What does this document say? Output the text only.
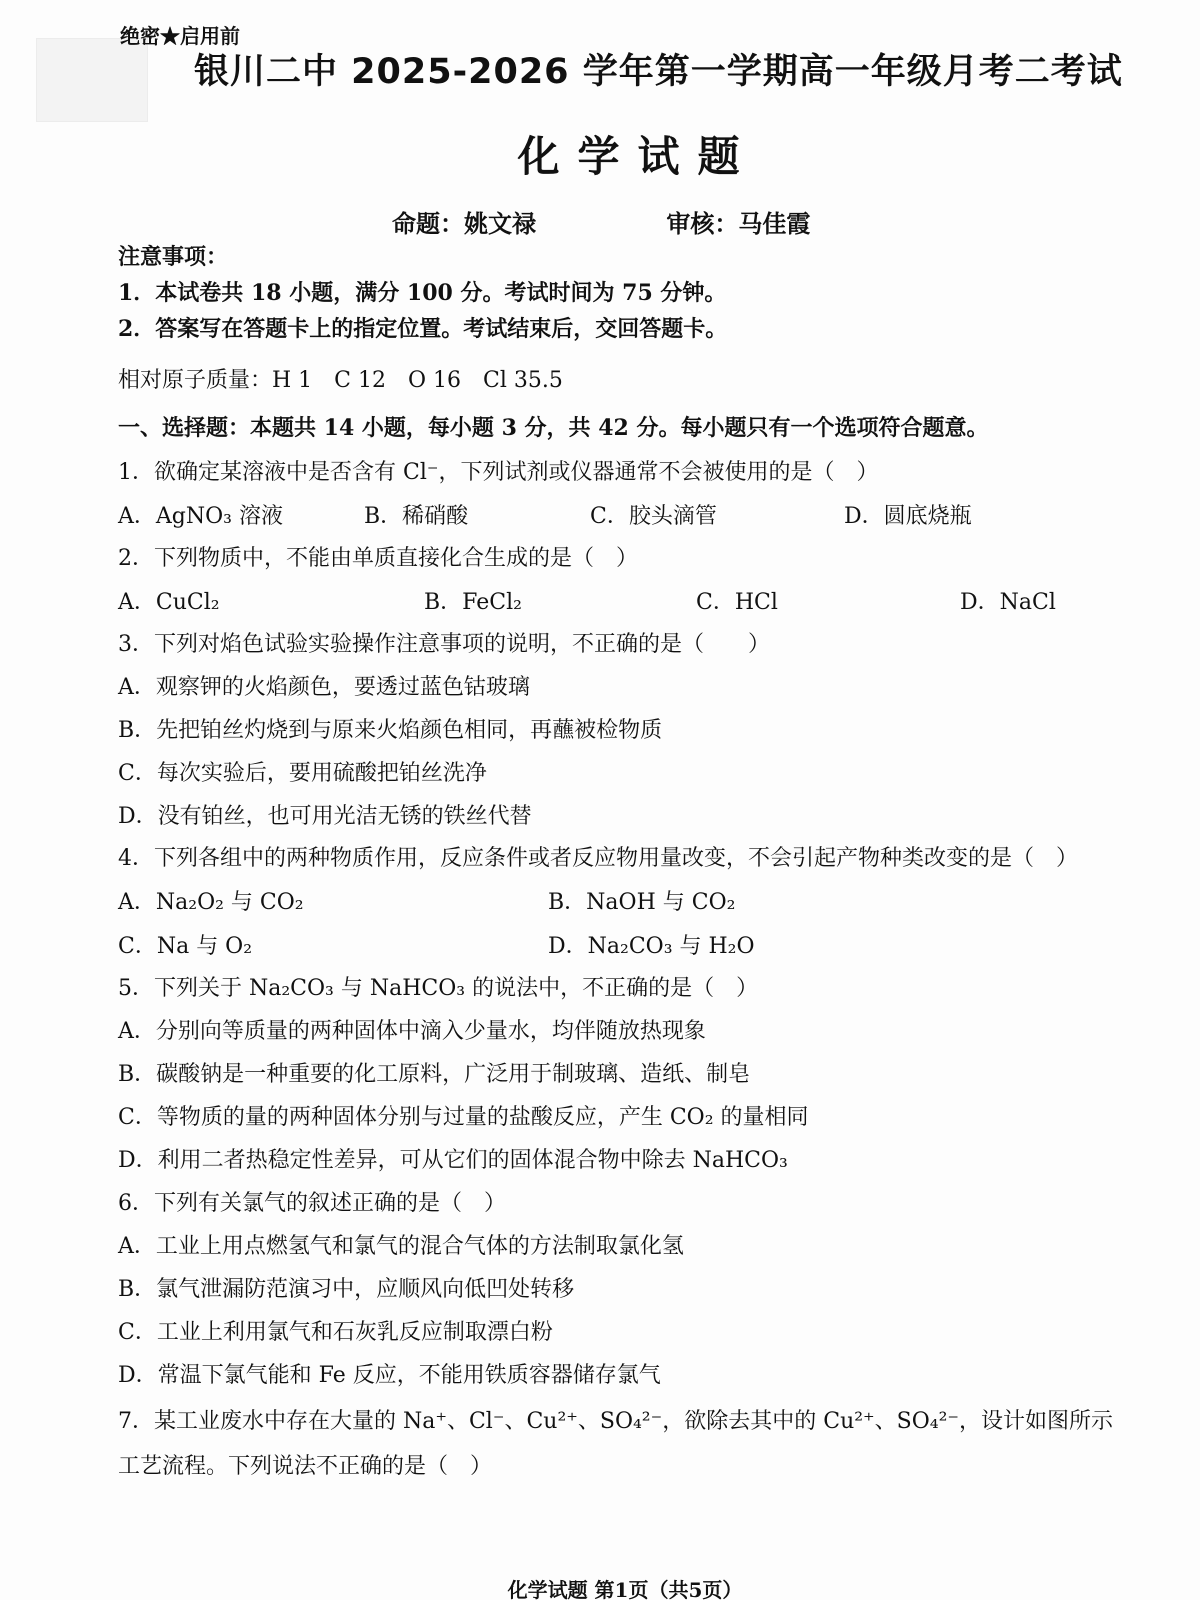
绝密★启用前
银川二中 2025-2026 学年第一学期高一年级月考二考试
化学试题
命题：姚文禄	审核：马佳霞
注意事项：
1．本试卷共 18 小题，满分 100 分。考试时间为 75 分钟。
2．答案写在答题卡上的指定位置。考试结束后，交回答题卡。
相对原子质量：H 1　C 12　O 16　Cl 35.5
一、选择题：本题共 14 小题，每小题 3 分，共 42 分。每小题只有一个选项符合题意。
1．欲确定某溶液中是否含有 Cl⁻，下列试剂或仪器通常不会被使用的是（　）
A．AgNO₃ 溶液	B．稀硝酸	C．胶头滴管	D．圆底烧瓶
2．下列物质中，不能由单质直接化合生成的是（　）
A．CuCl₂	B．FeCl₂	C．HCl	D．NaCl
3．下列对焰色试验实验操作注意事项的说明，不正确的是（　　）
A．观察钾的火焰颜色，要透过蓝色钴玻璃
B．先把铂丝灼烧到与原来火焰颜色相同，再蘸被检物质
C．每次实验后，要用硫酸把铂丝洗净
D．没有铂丝，也可用光洁无锈的铁丝代替
4．下列各组中的两种物质作用，反应条件或者反应物用量改变，不会引起产物种类改变的是（　）
A．Na₂O₂ 与 CO₂	B．NaOH 与 CO₂
C．Na 与 O₂	D．Na₂CO₃ 与 H₂O
5．下列关于 Na₂CO₃ 与 NaHCO₃ 的说法中，不正确的是（　）
A．分别向等质量的两种固体中滴入少量水，均伴随放热现象
B．碳酸钠是一种重要的化工原料，广泛用于制玻璃、造纸、制皂
C．等物质的量的两种固体分别与过量的盐酸反应，产生 CO₂ 的量相同
D．利用二者热稳定性差异，可从它们的固体混合物中除去 NaHCO₃
6．下列有关氯气的叙述正确的是（　）
A．工业上用点燃氢气和氯气的混合气体的方法制取氯化氢
B．氯气泄漏防范演习中，应顺风向低凹处转移
C．工业上利用氯气和石灰乳反应制取漂白粉
D．常温下氯气能和 Fe 反应，不能用铁质容器储存氯气
7．某工业废水中存在大量的 Na⁺、Cl⁻、Cu²⁺、SO₄²⁻，欲除去其中的 Cu²⁺、SO₄²⁻，设计如图所示
工艺流程。下列说法不正确的是（　）
化学试题 第1页（共5页）
